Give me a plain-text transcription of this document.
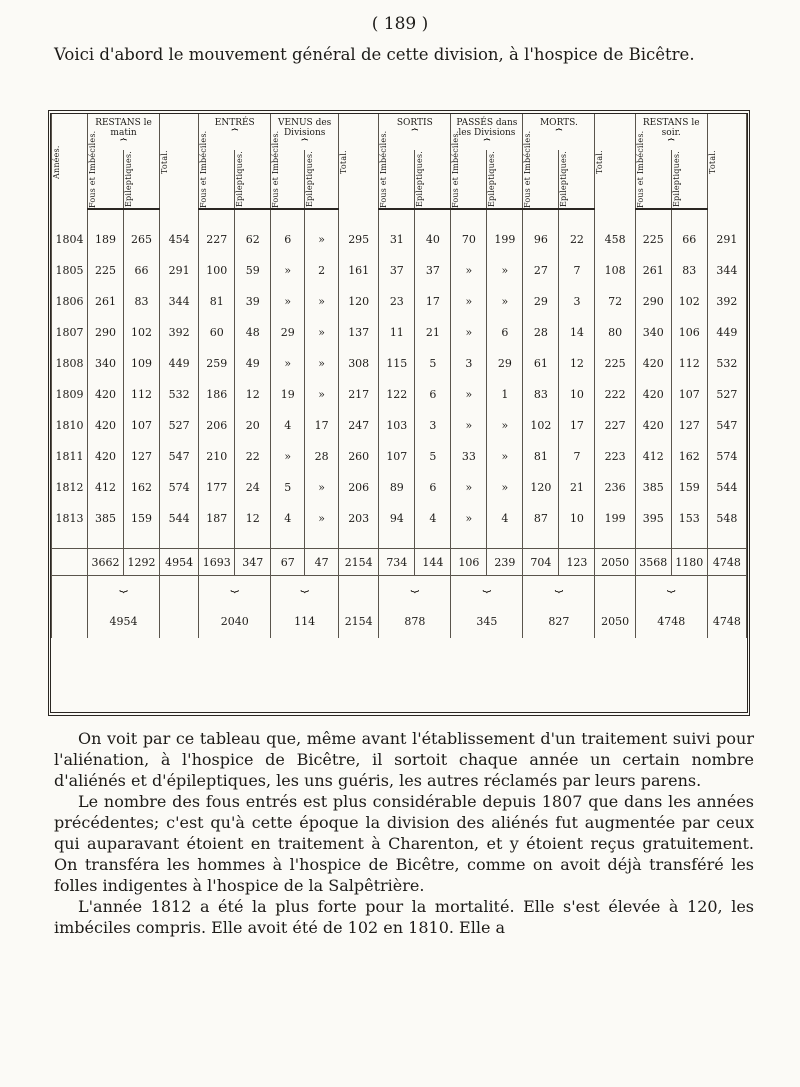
( 189 )
Voici d'abord le mouvement général de cette division, à l'hospice de Bicêtre.
Années.	RESTANS le matin
⏞		Total.	ENTRÉS
⏞		VENUS des Divisions
⏞		Total.	SORTIS
⏞		PASSÉS dans les Divisions
⏞		MORTS.
⏞		Total.	RESTANS le soir.
⏞		Total.

	Fous et Imbéciles.	Épileptiques.		Fous et Imbéciles.	Épileptiques.	Fous et Imbéciles.	Épileptiques.		Fous et Imbéciles.	Épileptiques.	Fous et Imbéciles.	Épileptiques.	Fous et Imbéciles.	Épileptiques.		Fous et Imbéciles.	Épileptiques.	

1804	189	265	454	227	62	6	»	295	31	40	70	199	96	22	458	225	66	291
1805	225	66	291	100	59	»	2	161	37	37	»	»	27	7	108	261	83	344
1806	261	83	344	81	39	»	»	120	23	17	»	»	29	3	72	290	102	392
1807	290	102	392	60	48	29	»	137	11	21	»	6	28	14	80	340	106	449
1808	340	109	449	259	49	»	»	308	115	5	3	29	61	12	225	420	112	532
1809	420	112	532	186	12	19	»	217	122	6	»	1	83	10	222	420	107	527
1810	420	107	527	206	20	4	17	247	103	3	»	»	102	17	227	420	127	547
1811	420	127	547	210	22	»	28	260	107	5	33	»	81	7	223	412	162	574
1812	412	162	574	177	24	5	»	206	89	6	»	»	120	21	236	385	159	544
1813	385	159	544	187	12	4	»	203	94	4	»	4	87	10	199	395	153	548

	3662	1292	4954	1693	347	67	47	2154	734	144	106	239	704	123	2050	3568	1180	4748
	⏟ 4954			⏟ 2040		⏟ 114		2154	⏟ 878		⏟ 345		⏟ 827		2050	⏟ 4748		4748

On voit par ce tableau que, même avant l'établissement d'un traitement suivi pour l'aliénation, à l'hospice de Bicêtre, il sortoit chaque année un certain nombre d'aliénés et d'épileptiques, les uns guéris, les autres réclamés par leurs parens.

Le nombre des fous entrés est plus considérable depuis 1807 que dans les années précédentes; c'est qu'à cette époque la division des aliénés fut augmentée par ceux qui auparavant étoient en traitement à Charenton, et y étoient reçus gratuitement. On transféra les hommes à l'hospice de Bicêtre, comme on avoit déjà transféré les folles indigentes à l'hospice de la Salpêtrière.

L'année 1812 a été la plus forte pour la mortalité. Elle s'est élevée à 120, les imbéciles compris. Elle avoit été de 102 en 1810. Elle a
